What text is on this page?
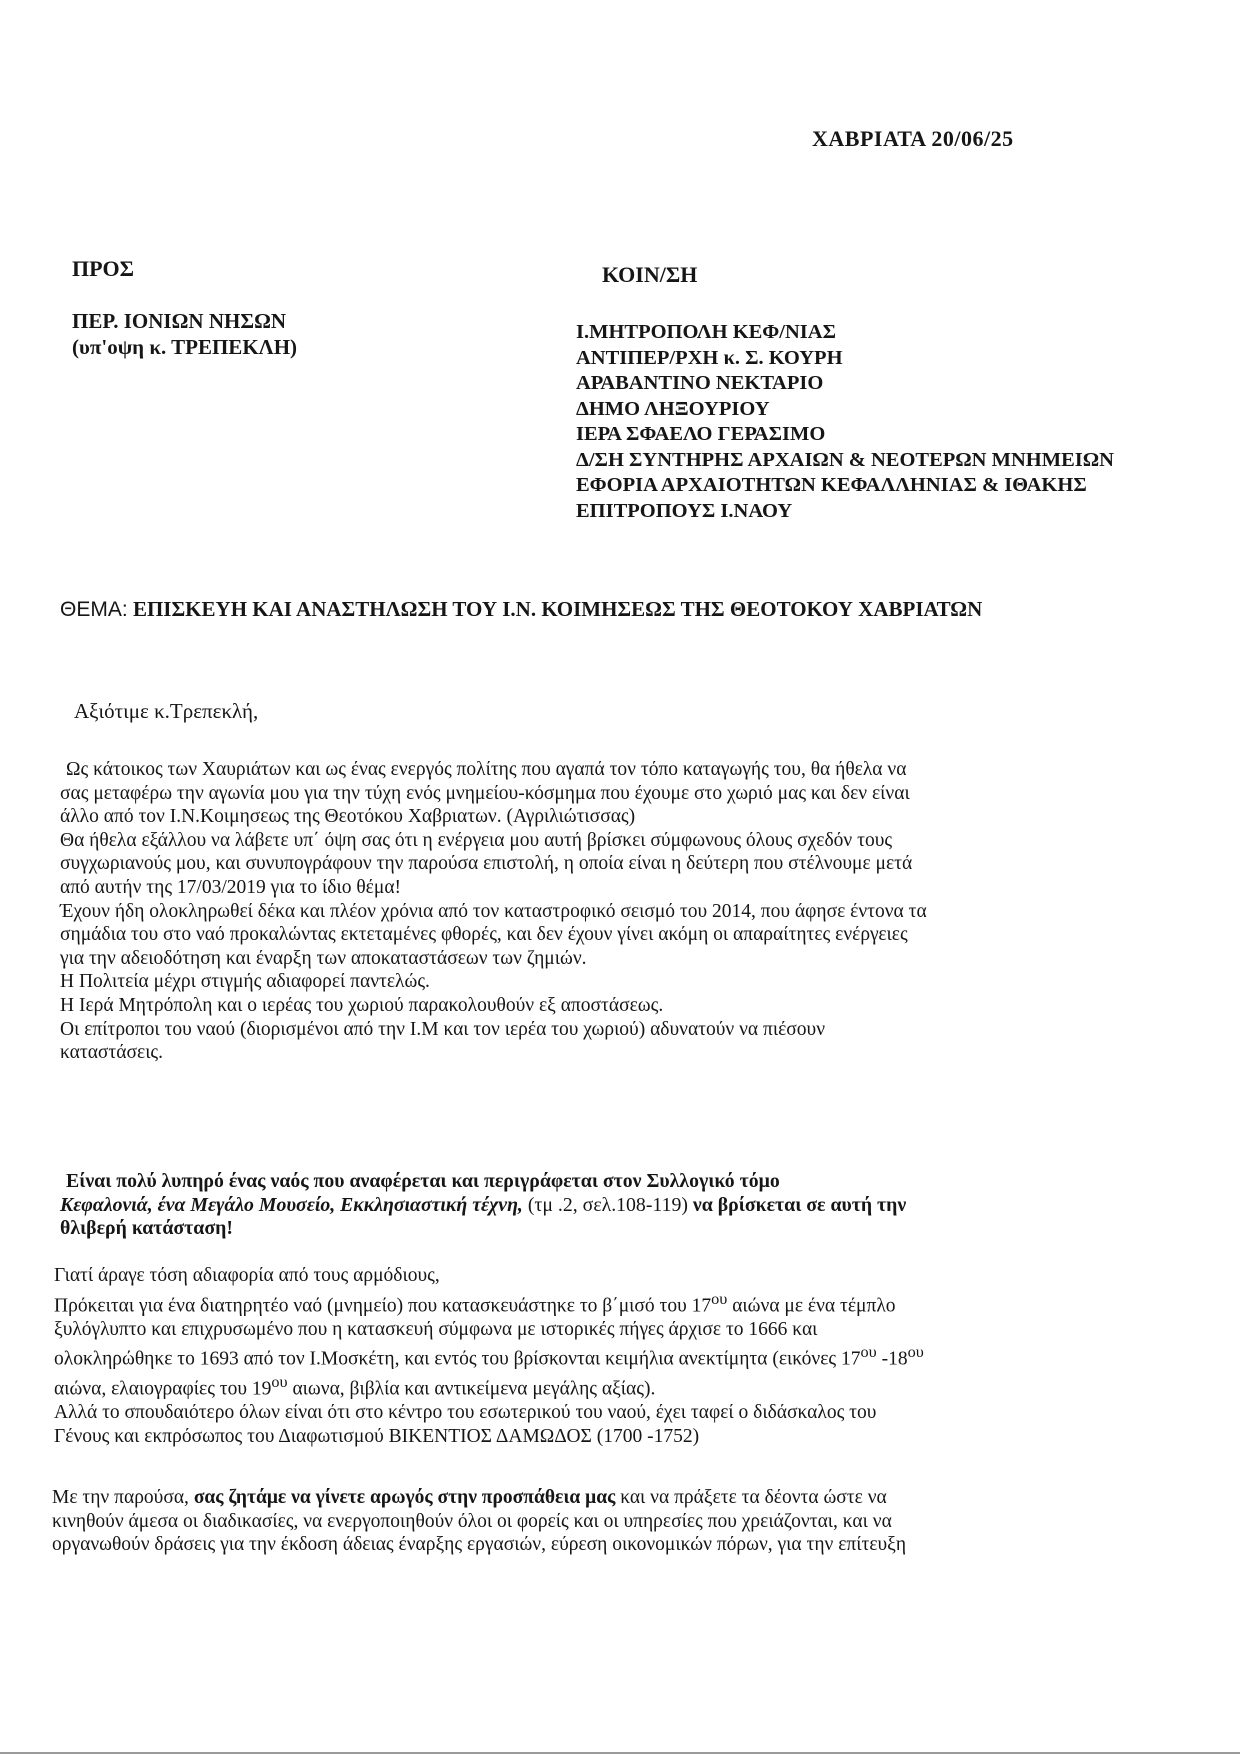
ΧΑΒΡΙΑΤΑ 20/06/25
ΠΡΟΣ
ΠΕΡ. ΙΟΝΙΩΝ ΝΗΣΩΝ
(υπ'οψη κ. ΤΡΕΠΕΚΛΗ)
ΚΟΙΝ/ΣΗ
Ι.ΜΗΤΡΟΠΟΛΗ ΚΕΦ/ΝΙΑΣ
ΑΝΤΙΠΕΡ/ΡΧΗ κ. Σ. ΚΟΥΡΗ
ΑΡΑΒΑΝΤΙΝΟ ΝΕΚΤΑΡΙΟ
ΔΗΜΟ ΛΗΞΟΥΡΙΟΥ
ΙΕΡΑ ΣΦΑΕΛΟ ΓΕΡΑΣΙΜΟ
Δ/ΣΗ ΣΥΝΤΗΡΗΣ ΑΡΧΑΙΩΝ & ΝΕΟΤΕΡΩΝ ΜΝΗΜΕΙΩΝ
ΕΦΟΡΙΑ ΑΡΧΑΙΟΤΗΤΩΝ ΚΕΦΑΛΛΗΝΙΑΣ & ΙΘΑΚΗΣ
ΕΠΙΤΡΟΠΟΥΣ Ι.ΝΑΟΥ
ΘΕΜΑ: ΕΠΙΣΚΕΥΗ ΚΑΙ ΑΝΑΣΤΗΛΩΣΗ ΤΟΥ Ι.Ν. ΚΟΙΜΗΣΕΩΣ ΤΗΣ ΘΕΟΤΟΚΟΥ ΧΑΒΡΙΑΤΩΝ
Αξιότιμε κ.Τρεπεκλή,
Ως κάτοικος των Χαυριάτων και ως ένας ενεργός πολίτης που αγαπά τον τόπο καταγωγής του, θα ήθελα να
σας μεταφέρω την αγωνία μου για την τύχη ενός μνημείου-κόσμημα που έχουμε στο χωριό μας και δεν είναι
άλλο από τον Ι.Ν.Κοιμησεως της Θεοτόκου Χαβριατων. (Αγριλιώτισσας)
Θα ήθελα εξάλλου να λάβετε υπ΄ όψη σας ότι η ενέργεια μου αυτή βρίσκει σύμφωνους όλους σχεδόν τους
συγχωριανούς μου, και συνυπογράφουν την παρούσα επιστολή, η οποία είναι η δεύτερη που στέλνουμε μετά
από αυτήν της 17/03/2019 για το ίδιο θέμα!
Έχουν ήδη ολοκληρωθεί δέκα και πλέον χρόνια από τον καταστροφικό σεισμό του 2014, που άφησε έντονα τα
σημάδια του στο ναό προκαλώντας εκτεταμένες φθορές, και δεν έχουν γίνει ακόμη οι απαραίτητες ενέργειες
για την αδειοδότηση και έναρξη των αποκαταστάσεων των ζημιών.
Η Πολιτεία μέχρι στιγμής αδιαφορεί παντελώς.
Η Ιερά Μητρόπολη και ο ιερέας του χωριού παρακολουθούν εξ αποστάσεως.
Οι επίτροποι του ναού (διορισμένοι από την Ι.Μ και τον ιερέα του χωριού) αδυνατούν να πιέσουν
καταστάσεις.
Είναι πολύ λυπηρό ένας ναός που αναφέρεται και περιγράφεται στον Συλλογικό τόμο
Κεφαλονιά, ένα Μεγάλο Μουσείο, Εκκλησιαστική τέχνη, (τμ .2, σελ.108-119) να βρίσκεται σε αυτή την
θλιβερή κατάσταση!
Γιατί άραγε τόση αδιαφορία από τους αρμόδιους,
Πρόκειται για ένα διατηρητέο ναό (μνημείο) που κατασκευάστηκε το β΄μισό του $17^{o\upsilon}$ αιώνα με ένα τέμπλο
ξυλόγλυπτο και επιχρυσωμένο που η κατασκευή σύμφωνα με ιστορικές πήγες άρχισε το 1666 και
ολοκληρώθηκε το 1693 από τον Ι.Μοσκέτη, και εντός του βρίσκονται κειμήλια ανεκτίμητα (εικόνες $17^{o\upsilon}$ $-18^{o\upsilon}$
αιώνα, ελαιογραφίες του $19^{o\upsilon}$ αιωνα, βιβλία και αντικείμενα μεγάλης αξίας).
Αλλά το σπουδαιότερο όλων είναι ότι στο κέντρο του εσωτερικού του ναού, έχει ταφεί ο διδάσκαλος του
Γένους και εκπρόσωπος του Διαφωτισμού ΒΙΚΕΝΤΙΟΣ ΔΑΜΩΔΟΣ (1700 -1752)
Με την παρούσα, σας ζητάμε να γίνετε αρωγός στην προσπάθεια μας και να πράξετε τα δέοντα ώστε να
κινηθούν άμεσα οι διαδικασίες, να ενεργοποιηθούν όλοι οι φορείς και οι υπηρεσίες που χρειάζονται, και να
οργανωθούν δράσεις για την έκδοση άδειας έναρξης εργασιών, εύρεση οικονομικών πόρων, για την επίτευξη
